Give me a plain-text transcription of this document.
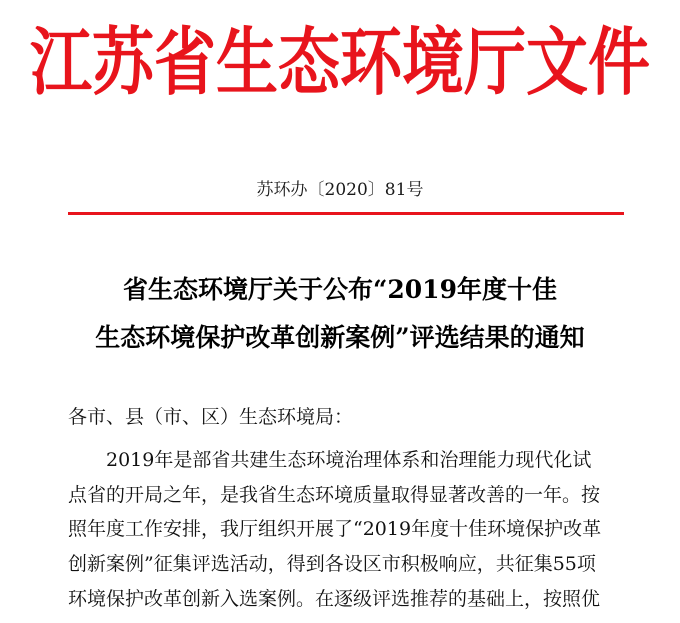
江苏省生态环境厅文件
苏环办〔2020〕81号
省生态环境厅关于公布“2019年度十佳
生态环境保护改革创新案例”评选结果的通知
各市、县（市、区）生态环境局：
2019年是部省共建生态环境治理体系和治理能力现代化试
点省的开局之年，是我省生态环境质量取得显著改善的一年。按
照年度工作安排，我厅组织开展了“2019年度十佳环境保护改革
创新案例”征集评选活动，得到各设区市积极响应，共征集55项
环境保护改革创新入选案例。在逐级评选推荐的基础上，按照优
